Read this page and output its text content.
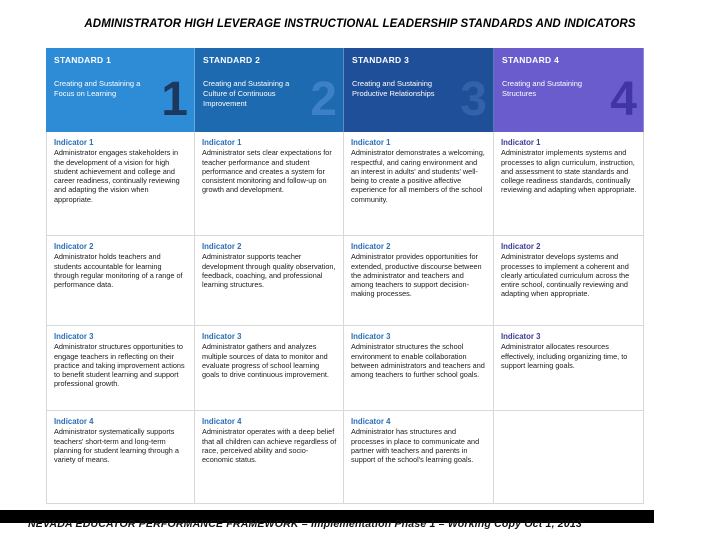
ADMINISTRATOR HIGH LEVERAGE INSTRUCTIONAL LEADERSHIP STANDARDS AND INDICATORS
STANDARD 1
Creating and Sustaining a Focus on Learning 1
STANDARD 2
Creating and Sustaining a Culture of Continuous Improvement	2
STANDARD 3
Creating and Sustaining Productive Relationships 3
STANDARD 4
Creating and Sustaining Structures	4
Indicator 1
Administrator engages stakeholders in the development of a vision for high student achievement and college and career readiness, continually reviewing and adapting the vision when appropriate.
Indicator 1
Administrator sets clear expectations for teacher performance and student performance and creates a system for consistent monitoring and follow-up on growth and development.
Indicator 1
Administrator demonstrates a welcoming, respectful, and caring environment and an interest in adults' and students' well-being to create a positive affective experience for all members of the school community.
Indicator 1
Administrator implements systems and processes to align curriculum, instruction, and assessment to state standards and college readiness standards, continually reviewing and adapting when appropriate.
Indicator 2
Administrator holds teachers and students accountable for learning through regular monitoring of a range of performance data.
Indicator 2
Administrator supports teacher development through quality observation, feedback, coaching, and professional learning structures.
Indicator 2
Administrator provides opportunities for extended, productive discourse between the administrator and teachers and among teachers to support decision-making processes.
Indicator 2
Administrator develops systems and processes to implement a coherent and clearly articulated curriculum across the entire school, continually reviewing and adapting when appropriate.
Indicator 3
Administrator structures opportunities to engage teachers in reflecting on their practice and taking improvement actions to benefit student learning and support professional growth.
Indicator 3
Administrator gathers and analyzes multiple sources of data to monitor and evaluate progress of school learning goals to drive continuous improvement.
Indicator 3
Administrator structures the school environment to enable collaboration between administrators and teachers and among teachers to further school goals.
Indicator 3
Administrator allocates resources effectively, including organizing time, to support learning goals.
Indicator 4
Administrator systematically supports teachers' short-term and long-term planning for student learning through a variety of means.
Indicator 4
Administrator operates with a deep belief that all children can achieve regardless of race, perceived ability and socio-economic status.
Indicator 4
Administrator has structures and processes in place to communicate and partner with teachers and parents in support of the school's learning goals.
NEVADA EDUCATOR PERFORMANCE FRAMEWORK – Implementation Phase 1 – Working Copy Oct 1, 2013
